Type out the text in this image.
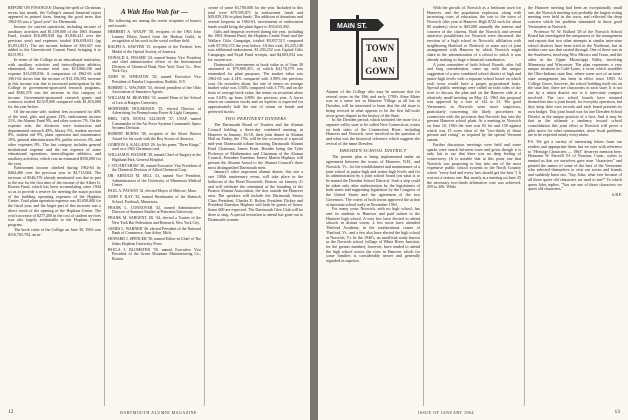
REPORT ON FINANCES: During the spell of Christmas recess last month, the College's annual financial report appeared in printed form, bearing the good news that 1962-63 was a "good year" for Dartmouth.

Income for current operations, including income of auxiliary activities and $1,109,000 of the 1963 Alumni Fund, totaled $16,089,038 (up $1,846,241 over the previous year) and expenses totaled $16,658,631 (up $1,851,821). The net income balance of $30,447 was added to the Unrestricted Current Fund, bringing it to $215,991.

In terms of the College as an educational institution, with auxiliary activities and intercollegiate athletics eliminated, the income total was $13,066,136 and expense $13,038,836. A comparison of 1962-63 with 1961-62 shows that the income of $13,156,582 increase in this income was due to increased participation by the College in government-sponsored research programs, and $546,376 was the increase in this category of income. Government-sponsored research grants and contracts totaled $2,519,000 compared with $1,810,000 for the year before.

Of the income side, student fees accounted for 40% of the total, gifts and grants 23%, endowment income 21%, the Alumni Fund 9%, and other sources 7%. On the expense side, the divisions were instruction and departmental research 48%, library 5%, student services 8%, student aid 9%, plant operation and maintenance 10%, general administration 8%, public services 4%, and other expenses 8%. The last category includes general institutional expense and the net expense of some educational operations, intercollegiate athletics, and auxiliary activities, which cost an estimated $550,000 for the year.

Endowment income climbed during 1962-63 by $464,466 over the previous year to $2,715,664. The increase of $546,376 already mentioned was due in part to the use for the first time of the income of the Albert G. Bowen Fund, which has been accumulating since 1944 so as to provide a reserve for meeting the major portion of the building operating expenses of the Hopkins Center. Total plant operation expense was $1,650,000 for the fiscal year, and the larger part of this increase was a direct result of the opening of the Hopkins Center. The year's increase of $277,200 in the cost of student services was also largely attributable to the Hopkins Center program.

The book value of the College on June 30, 1963 was $116,783,794, an in-

A Wah Hoo Wah for —
The following are among the recent recipients of honors and awards:
HERBERT A. WOLFF '38, recipient of the 1963 John Lemmy Elliott Award from the Hudson Guild, in recognition of his work in the social welfare field.
RALPH A. SAWYER '15, recipient of the Frederic Ives Medal of the Optical Society of America.
DONALD A. FRASER '24, named Senior Vice President and chief administrative officer of the International Division of Chemical Bank New York Trust Co., New York City.
JOHN W. WHEATON '28, named Executive Vice President of Emulse Corporation, Buffalo, N.Y.
ROBERT L. WAGNER '33, elected president of the Ohio Association of Insurance Agents.
WILLIAM M. BEAVERS '35, named Dean of the School of Law at Rutgers University.
MORTIMER HOUSEMAN '25, elected Director of Advertising for Pennsylvania Power & Light Company.
BRIG. GEN. ROYAL ALLISON '37, USAF, named Commander of the Air Force Systems Command's Space Systems Division.
ROBERT BURNS '38, recipient of the Silver Beaver Award for his work with the Boy Scouts of America.
GORDON A. KALLAND '29, for his poem "Three Kings," used as a 1963 Christmas card.
WILLIAM B. HAUSER '38, named Chief of Surgery at the Highland Park, General Hospital.
J. STUART SHAW '40, named Executive Vice President of the Chemical Division of Allied Chemical Corp.
DR. ARNOLD M. SELL '41, named Vice President, Administration of the University of Minnesota Medical Center.
PAUL A. PAYSON '41, elected Mayor of Melrose, Mass.
JOHN F. KAY '43, named Headmaster of the Shattuck School, Faribault, Minnesota.
FRANK L. CONNOVER '43, named Administrative Director of Summer Studies at Princeton University.
FRANK M. SARGENT, JR. '44, elected a Trustee of the New York Bar Federation and Research, New York City.
JAMES L. WARNER '46, elected President of the National Bank of Commerce, Ann Arbor, Mich.
HOWARD J. SPENCER '56, named Editor-in-Chief of The Johns Hopkins University Press.
PAULA J. BLOMSTER '58, named Executive Vice President of the Green Mountain Manufacturing Co., Boston.

crease of some $3,700,000 for the year. Included in this total were $79,595,871 in endowment funds and $29,059,136 in plant funds. The addition of donations and several bequests in 1962-63, investments of endowment funds would bring the plant figure to $33,633,392.

Gifts and bequests received during the year, including the 1963 Alumni Fund, the Hopkins Center Fund and the Wallace Gifts Campaign, totaled $9,837,513 compared with $7,592,372 the year before. Of this total, $3,235,148 was additional endowment, $1,250,252 was Capital Gifts Campaign, and Fayal Fund receipts, and $4,603,032 was for current use.

Dartmouth's investments at book value as of June 30 amounted to $79,869,451, of which $4,176,579 was earmarked for plant purposes. The market value was 1962-63 was 4.14% compared with 3.98% the previous year. On securities alone, the rate of return on average market value was 3.92% compared with 3.77% and on the basis of average book value, the return on securities alone was 5.04% up from 4.89% the previous year. A lower return on common stocks and on equities is expected for approximately half the rate of return on bonds and preferred stocks.

TWO PERTINENT DINNERS

The Dartmouth Board of Trustees and the Alumni Council holding a three-day combined meeting in Hanover in January, 16-18, their joint dinner in Alumni Hall on Friday, the 17th, will be the occasion of a special mid-year Dartmouth tribute honoring Dartmouth Alumni Fund Chairman, James Ernst. Besides being the Tyler Professor of Mathematics and Chairman of the Alumni Council, President Emeritus Ernest Martin Hopkins will present the Alumni Award to the Alumni Council's three most distinguished Dartmouth men.

January's other important alumni dinner, this one a rare 100th anniversary event, will take place in the ballroom of the Hotel Roosevelt, Boston, on January 21 and will celebrate the centennial of the founding of the Boston Alumni Association, the first outside the Hanover area. The speakers will include the Dartmouth Senior Class President, Charles E. Rulon, President Dickey and President Emeritus Hopkins will both be guests of honor. Some 600 are expected. The Dartmouth Glee Club will be there to sing. A special invitation to attend has gone out to Dartmouth women.

12	DARTMOUTH ALUMNI MAGAZINE
MAIN ST.
TOWN
AND
GOWN

Alumni of the College who may be unaware that for several years in the 19th and early 1780's Alma Mater was in a sense not in Hanover Village at all but in Dresden, will be interested to learn that the old issue is being revived in what appears to be the first full-scale town-gown dispute in the history of the State.

In the Dresden period, which included the more for a separate valley state to be called New Connecticut, towns on both sides of the Connecticut River, including Hanover and Norwich, were involved in the question of and what was the historical reference which suggests the revival of the name Dresden.

DRESDEN SCHOOL DISTRICT

The present plan is being implemented under an agreement between the towns of Hanover, N.H., and Norwich, Vt., for the establishment and maintenance of a joint school at junior-high and senior-high levels and for its administration by a joint school board (on what is to be named the Dresden School District). Such a step could be taken only after authorization by the legislatures of both states and supporting legislation by the Congress of the United States and the agreement of the two Governors. The voters of both towns approved the action at interstate school early in November 1963.

For many years Norwich, with no high school, has sent its students to Hanover and paid tuition to the Hanover high school. A very few have elected to attend schools in distant towns, a few more have attended Thetford Academy, in the southernmost corner of Thetford, Vt., and a few also have elected the high school at Norwich, Vt. In the 1940's, an unofficial study known as the Norwich school (village of White River Junction, for the greater number), however, have tended to attend the high school across the river in Hanover which for some families is considerably nearer and generally regarded as superior.

With the growth of Norwich as a bedroom town for Hanover, and the population explosion, along with increasing costs of education, the cost to the town of Norwich (this year at Hanover High $722 each for about 80 students) close to $65,000 annually the interest and concern of the citizens. Both the Norwich and several attractive possibilities for Norwich were discussed: the erection of a high school in Norwich; affiliation with neighboring Hartford or Thetford; or some sort of joint arrangement with Hanover by which Norwich might share in the administration of a school to which it was already making so large a financial contribution.

A joint committee of both School Boards, after full and long consideration, came up with the unique suggestion of a new combined school district of high and junior-high levels with a separate school board on which each town would have a proper proportional basis. Special public meetings were called on both sides of the river to discuss the plan and on the Hanover side at a relatively small meeting on May 22, 1963 this proposal was approved by a vote of 142 to 13. The good Vermonters in Norwich were more suspicious, particularly concerning the likely procedures in connection with the provision that Norwich buy into the present Hanover school plant. At a meeting in Norwich on June 10, 1963 the vote was 83 for and 139 against which was 15 votes short of the "two-thirds of those present and voting" as required by the special Vermont statute.

Further discussion meetings were held and some sparks were struck between town and gown though it is only fair to say that there was no deep feeling of controversy. (It is notable that at this point one that Norwich was proposing to buy into one of the most expensive public school systems in the North Country where "every had and every lass should get the best.") It was not a serious one. But mostly at a meeting on June 25 the necessary two-thirds affirmative vote was achieved, 459 to 206. While

the Hanover meeting had been an exceptionally small one, the Norwich meeting was probably the largest voting meeting ever held in the town, and reflected the deep concern which the problem stimulated in those good Vermonters in Norwich.

Professor W. W. Ballard '28 of the Norwich School Board has investigated the uniqueness of the arrangement and reports that two other attempts at similar inter-state school districts have been tried in the Northeast, but in neither case was that carried through. One of these was in the Southwest, involving New Mexico and Texas, and the other in the Upper Mississippi Valley, involving Minnesota and Wisconsin. The plan represents a very unique situation in Calif-Lyme, a town which straddles the Ohio-Indiana state line, where some sort of an inter-state arrangement has been in effect since 1893. At College Grove, however, the school building itself sits on the state line, there are classrooms in each state. It is not run by a union district nor is it inter-state compact involved. The two school boards have retained themselves into a joint board, for everyday operation, but they keep their own records and each board presents its own budget. This joint board was for one Dresden School District in the unique position of a first. And it may be that in the ultimate a tendency toward school consolidation this joint effort at Norwich will prove a pilot move for other communities, since fiscal problems are to be expected nearly everywhere.

P.S. We get a variety of interesting letters from our readers and appropriate them, but we note with reference to "Heritage Characters — 1963" deserves mention here. Hermann W. Farwell '01 of Noroton, Conn., writes to remind us that we ourselves gave nine "characters" and printed the names of some of the best of the Vermonter who selected themselves to visit our towns and friends and suddenly burst out, "Say, John, what ever became of all those queer old characters we used to see?" To which query John replies, "You are one of those characters we queer old characters."

A.B.F.
ISSUE OF JANUARY 1964	13
